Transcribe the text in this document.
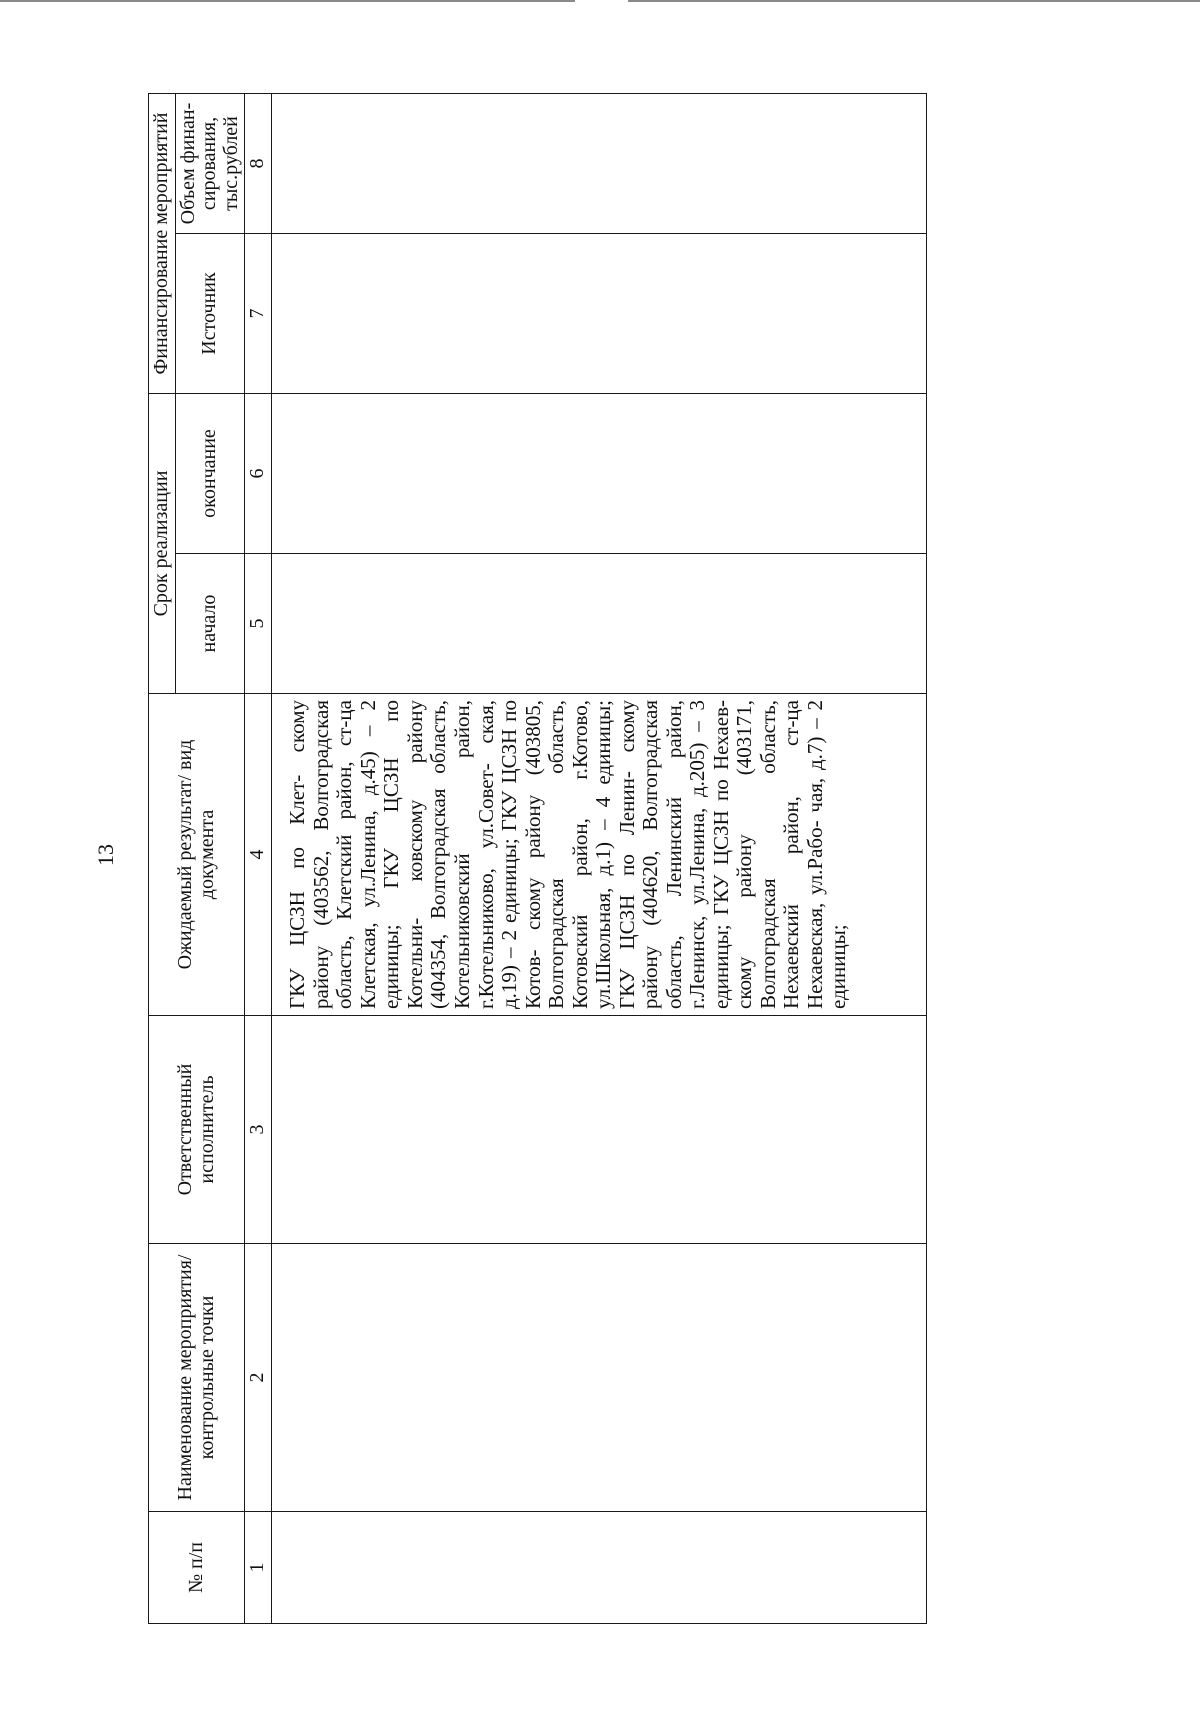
13
№ п/п	Наименование мероприятия/ контрольные точки	Ответственный исполнитель	Ожидаемый результат/ вид документа	Срок реализации		Финансирование мероприятий	
				начало	окончание	Источник	Объем финан- сирования, тыс.рублей
1	2	3	4	5	6	7	8
			ГКУ ЦСЗН по Клет- скому району (403562, Волгоградская область, Клетский район, ст-ца Клетская, ул.Ленина, д.45) – 2 единицы; ГКУ ЦСЗН по Котельни- ковскому району (404354, Волгоградская область, Котельниковский район, г.Котельниково, ул.Совет- ская, д.19) – 2 единицы; ГКУ ЦСЗН по Котов- скому району (403805, Волгоградская область, Котовский район, г.Котово, ул.Школьная, д.1) – 4 единицы; ГКУ ЦСЗН по Ленин- скому району (404620, Волгоградская область, Ленинский район, г.Ленинск, ул.Ленина, д.205) – 3 единицы; ГКУ ЦСЗН по Нехаев- скому району (403171, Волгоградская область, Нехаевский район, ст-ца Нехаевская, ул.Рабо- чая, д.7) – 2 единицы;				
